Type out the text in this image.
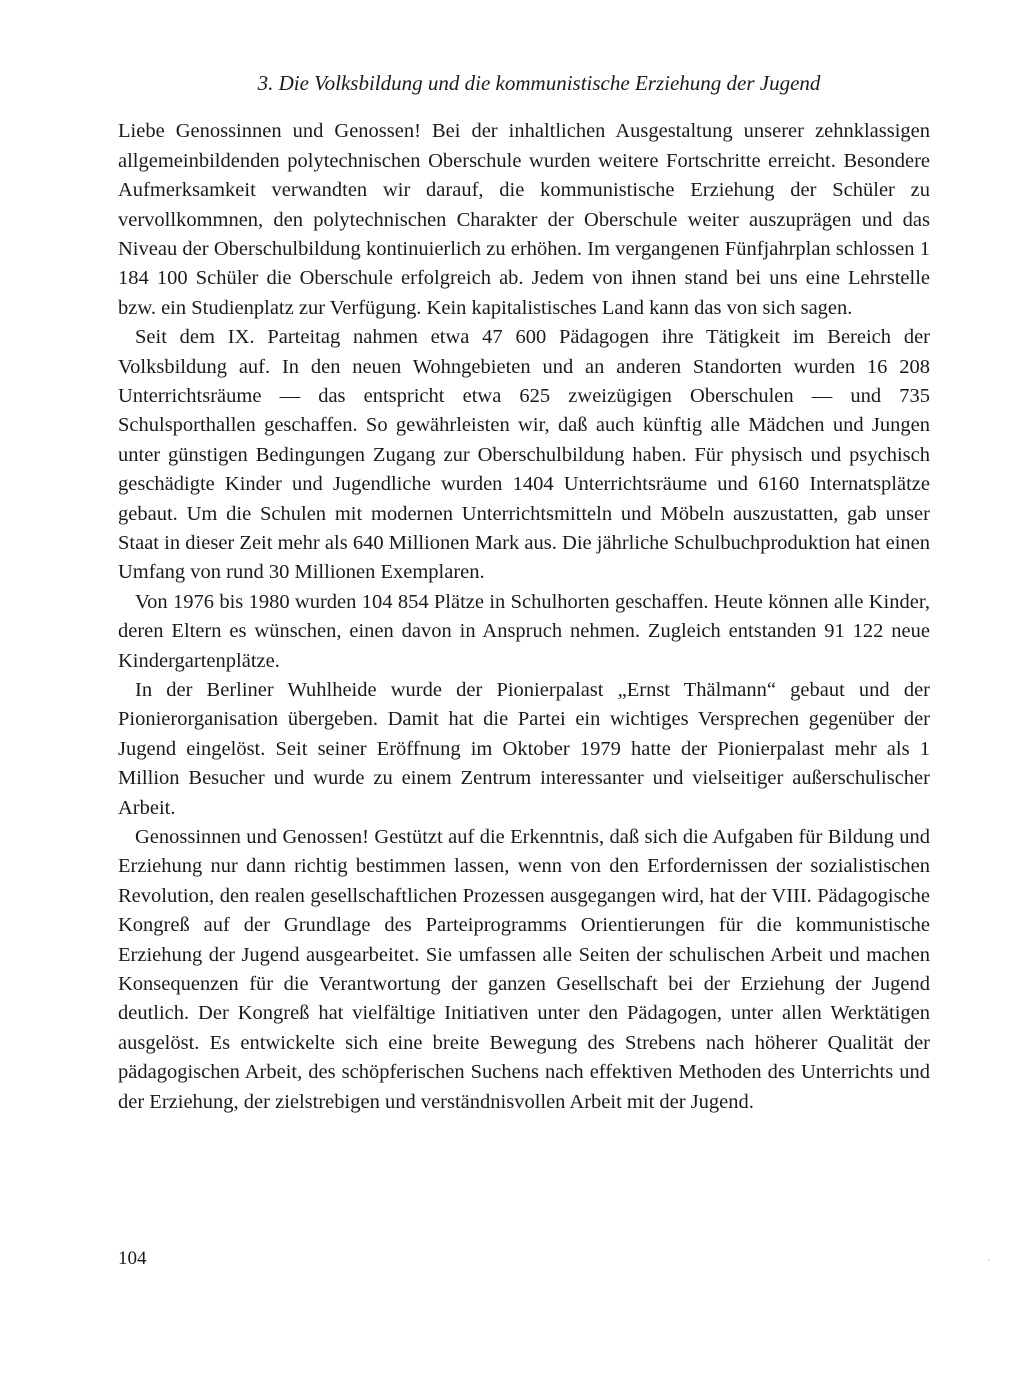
3. Die Volksbildung und die kommunistische Erziehung der Jugend

Liebe Genossinnen und Genossen! Bei der inhaltlichen Ausgestaltung unserer zehnklassigen allgemeinbildenden polytechnischen Oberschule wurden weitere Fortschritte erreicht. Besondere Aufmerksamkeit verwandten wir darauf, die kommunistische Erziehung der Schüler zu vervollkommnen, den polytechnischen Charakter der Oberschule weiter auszuprägen und das Niveau der Oberschulbildung kontinuierlich zu erhöhen. Im vergangenen Fünfjahrplan schlossen 1 184 100 Schüler die Oberschule erfolgreich ab. Jedem von ihnen stand bei uns eine Lehrstelle bzw. ein Studienplatz zur Verfügung. Kein kapitalistisches Land kann das von sich sagen.

Seit dem IX. Parteitag nahmen etwa 47 600 Pädagogen ihre Tätigkeit im Bereich der Volksbildung auf. In den neuen Wohngebieten und an anderen Standorten wurden 16 208 Unterrichtsräume — das entspricht etwa 625 zweizügigen Oberschulen — und 735 Schulsporthallen geschaffen. So gewährleisten wir, daß auch künftig alle Mädchen und Jungen unter günstigen Bedingungen Zugang zur Oberschulbildung haben. Für physisch und psychisch geschädigte Kinder und Jugendliche wurden 1404 Unterrichtsräume und 6160 Internatsplätze gebaut. Um die Schulen mit modernen Unterrichtsmitteln und Möbeln auszustatten, gab unser Staat in dieser Zeit mehr als 640 Millionen Mark aus. Die jährliche Schulbuchproduktion hat einen Umfang von rund 30 Millionen Exemplaren.

Von 1976 bis 1980 wurden 104 854 Plätze in Schulhorten geschaffen. Heute können alle Kinder, deren Eltern es wünschen, einen davon in Anspruch nehmen. Zugleich entstanden 91 122 neue Kindergartenplätze.

In der Berliner Wuhlheide wurde der Pionierpalast „Ernst Thälmann“ gebaut und der Pionierorganisation übergeben. Damit hat die Partei ein wichtiges Versprechen gegenüber der Jugend eingelöst. Seit seiner Eröffnung im Oktober 1979 hatte der Pionierpalast mehr als 1 Million Besucher und wurde zu einem Zentrum interessanter und vielseitiger außerschulischer Arbeit.

Genossinnen und Genossen! Gestützt auf die Erkenntnis, daß sich die Aufgaben für Bildung und Erziehung nur dann richtig bestimmen lassen, wenn von den Erfordernissen der sozialistischen Revolution, den realen gesellschaftlichen Prozessen ausgegangen wird, hat der VIII. Pädagogische Kongreß auf der Grundlage des Parteiprogramms Orientierungen für die kommunistische Erziehung der Jugend ausgearbeitet. Sie umfassen alle Seiten der schulischen Arbeit und machen Konsequenzen für die Verantwortung der ganzen Gesellschaft bei der Erziehung der Jugend deutlich. Der Kongreß hat vielfältige Initiativen unter den Pädagogen, unter allen Werktätigen ausgelöst. Es entwickelte sich eine breite Bewegung des Strebens nach höherer Qualität der pädagogischen Arbeit, des schöpferischen Suchens nach effektiven Methoden des Unterrichts und der Erziehung, der zielstrebigen und verständnisvollen Arbeit mit der Jugend.

104	·
